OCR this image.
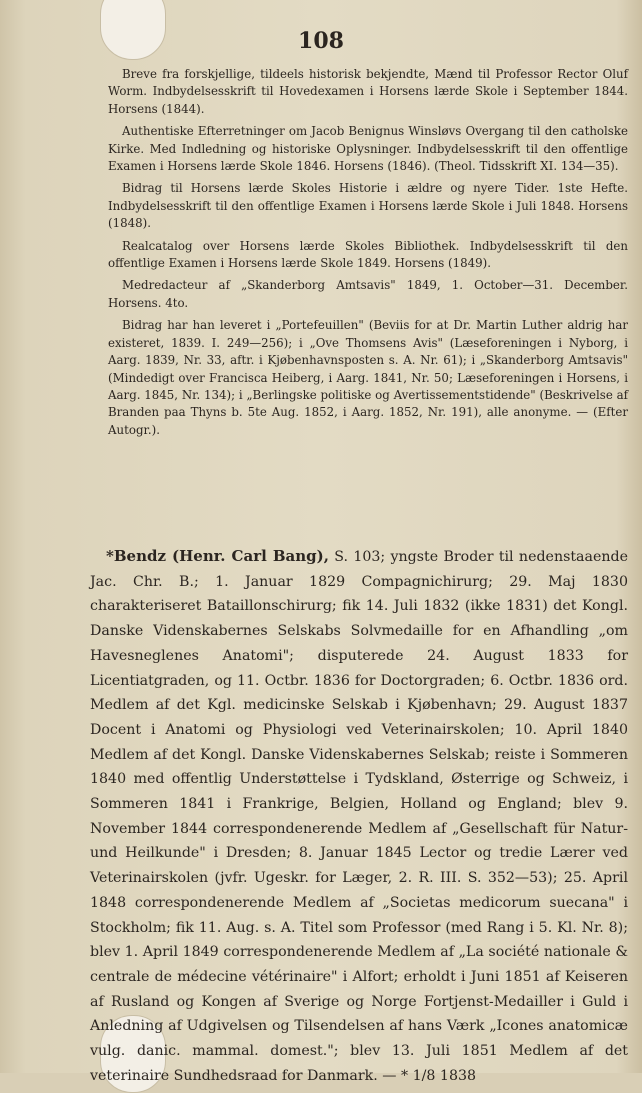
108

Breve fra forskjellige, tildeels historisk bekjendte, Mænd til Professor Rector Oluf Worm. Indbydelsesskrift til Hovedexamen i Horsens lærde Skole i September 1844. Horsens (1844).

Authentiske Efterretninger om Jacob Benignus Winsløvs Overgang til den catholske Kirke. Med Indledning og historiske Oplysninger. Indbydelsesskrift til den offentlige Examen i Horsens lærde Skole 1846. Horsens (1846). (Theol. Tidsskrift XI. 134—35).

Bidrag til Horsens lærde Skoles Historie i ældre og nyere Tider. 1ste Hefte. Indbydelsesskrift til den offentlige Examen i Horsens lærde Skole i Juli 1848. Horsens (1848).

Realcatalog over Horsens lærde Skoles Bibliothek. Indbydelsesskrift til den offentlige Examen i Horsens lærde Skole 1849. Horsens (1849).

Medredacteur af „Skanderborg Amtsavis" 1849, 1. October—31. December. Horsens. 4to.

Bidrag har han leveret i „Portefeuillen" (Beviis for at Dr. Martin Luther aldrig har existeret, 1839. I. 249—256); i „Ove Thomsens Avis" (Læseforeningen i Nyborg, i Aarg. 1839, Nr. 33, aftr. i Kjøbenhavnsposten s. A. Nr. 61); i „Skanderborg Amtsavis" (Mindedigt over Francisca Heiberg, i Aarg. 1841, Nr. 50; Læseforeningen i Horsens, i Aarg. 1845, Nr. 134); i „Berlingske politiske og Avertissementstidende" (Beskrivelse af Branden paa Thyns b. 5te Aug. 1852, i Aarg. 1852, Nr. 191), alle anonyme. — (Efter Autogr.).

*Bendz (Henr. Carl Bang), S. 103; yngste Broder til nedenstaaende Jac. Chr. B.; 1. Januar 1829 Compagnichirurg; 29. Maj 1830 charakteriseret Bataillonschirurg; fik 14. Juli 1832 (ikke 1831) det Kongl. Danske Videnskabernes Selskabs Solvmedaille for en Afhandling „om Havesneglenes Anatomi"; disputerede 24. August 1833 for Licentiatgraden, og 11. Octbr. 1836 for Doctorgraden; 6. Octbr. 1836 ord. Medlem af det Kgl. medicinske Selskab i Kjøbenhavn; 29. August 1837 Docent i Anatomi og Physiologi ved Veterinairskolen; 10. April 1840 Medlem af det Kongl. Danske Videnskabernes Selskab; reiste i Sommeren 1840 med offentlig Understøttelse i Tydskland, Østerrige og Schweiz, i Sommeren 1841 i Frankrige, Belgien, Holland og England; blev 9. November 1844 correspondenerende Medlem af „Gesellschaft für Natur- und Heilkunde" i Dresden; 8. Januar 1845 Lector og tredie Lærer ved Veterinairskolen (jvfr. Ugeskr. for Læger, 2. R. III. S. 352—53); 25. April 1848 correspondenerende Medlem af „Societas medicorum suecana" i Stockholm; fik 11. Aug. s. A. Titel som Professor (med Rang i 5. Kl. Nr. 8); blev 1. April 1849 correspondenerende Medlem af „La société nationale & centrale de médecine vétérinaire" i Alfort; erholdt i Juni 1851 af Keiseren af Rusland og Kongen af Sverige og Norge Fortjenst-Medailler i Guld i Anledning af Udgivelsen og Tilsendelsen af hans Værk „Icones anatomicæ vulg. danic. mammal. domest."; blev 13. Juli 1851 Medlem af det veterinaire Sundhedsraad for Danmark. — * 1/8 1838
